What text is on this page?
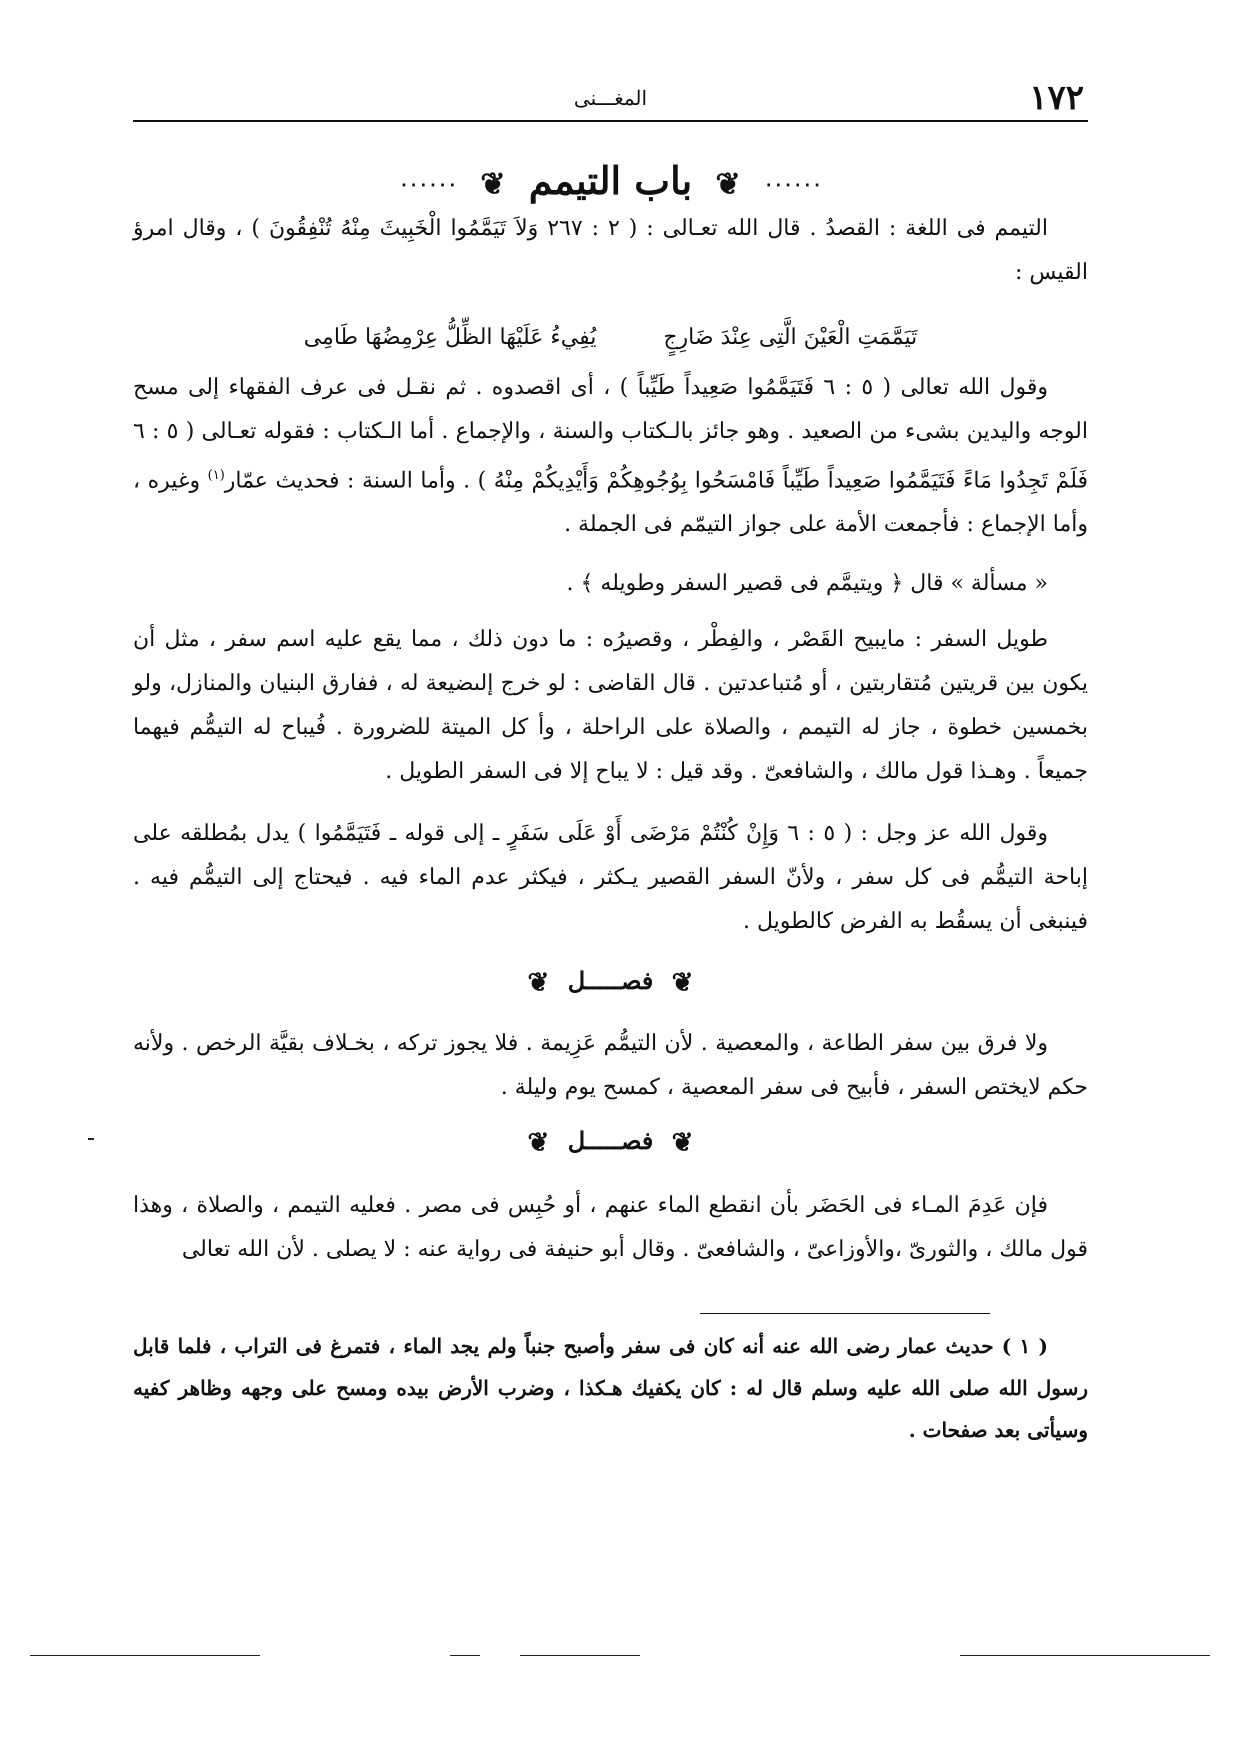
١٧٢
المغـــنى
٠٠٠٠٠٠ ❦ باب التيمم ❦ ٠٠٠٠٠٠

التيمم فى اللغة : القصدُ . قال الله تعـالى : ( ٢ : ٢٦٧ وَلاَ تَيَمَّمُوا الْخَبِيثَ مِنْهُ تُنْفِقُونَ ) ، وقال امرؤ القيس :

تَيَمَّمَتِ الْعَيْنَ الَّتِى عِنْدَ ضَارِجٍ يُفِيءُ عَلَيْهَا الظِّلُّ عِرْمِضُهَا طَامِى

وقول الله تعالى ( ٥ : ٦ فَتَيَمَّمُوا صَعِيداً طَيِّباً ) ، أى اقصدوه . ثم نقـل فى عرف الفقهاء إلى مسح الوجه واليدين بشىء من الصعيد . وهو جائز بالـكتاب والسنة ، والإجماع . أما الـكتاب : فقوله تعـالى ( ٥ : ٦ فَلَمْ تَجِدُوا مَاءً فَتَيَمَّمُوا صَعِيداً طَيِّباً فَامْسَحُوا بِوُجُوهِكُمْ وَأَيْدِيكُمْ مِنْهُ ) . وأما السنة : فحديث عمّار$^{(١)}$ وغيره ، وأما الإجماع : فأجمعت الأمة على جواز التيمّم فى الجملة .

« مسألة » قال ﴿ ويتيمَّم فى قصير السفر وطويله ﴾ .

طويل السفر : مايبيح القَصْر ، والفِطْر ، وقصيرُه : ما دون ذلك ، مما يقع عليه اسم سفر ، مثل أن يكون بين قريتين مُتقاربتين ، أو مُتباعدتين . قال القاضى : لو خرج إلىضيعة له ، ففارق البنيان والمنازل، ولو بخمسين خطوة ، جاز له التيمم ، والصلاة على الراحلة ، وأ كل الميتة للضرورة . فُيباح له التيمُّم فيهما جميعاً . وهـذا قول مالك ، والشافعىّ . وقد قيل : لا يباح إلا فى السفر الطويل .

وقول الله عز وجل : ( ٥ : ٦ وَإِنْ كُنْتُمْ مَرْضَى أَوْ عَلَى سَفَرٍ ـ إلى قوله ـ فَتَيَمَّمُوا ) يدل بمُطلقه على إباحة التيمُّم فى كل سفر ، ولأنّ السفر القصير يـكثر ، فيكثر عدم الماء فيه . فيحتاج إلى التيمُّم فيه . فينبغى أن يسقُط به الفرض كالطويل .

❦ فصـــــل ❦

ولا فرق بين سفر الطاعة ، والمعصية . لأن التيمُّم عَزِيمة . فلا يجوز تركه ، بخـلاف بقيَّة الرخص . ولأنه حكم لايختص السفر ، فأبيح فى سفر المعصية ، كمسح يوم وليلة .

❦ فصـــــل ❦

فإن عَدِمَ المـاء فى الحَضَر بأن انقطع الماء عنهم ، أو حُبِس فى مصر . فعليه التيمم ، والصلاة ، وهذا قول مالك ، والثورىّ ،والأوزاعىّ ، والشافعىّ . وقال أبو حنيفة فى رواية عنه : لا يصلى . لأن الله تعالى

( ١ ) حديث عمار رضى الله عنه أنه كان فى سفر وأصبح جنباً ولم يجد الماء ، فتمرغ فى التراب ، فلما قابل رسول الله صلى الله عليه وسلم قال له : كان يكفيك هـكذا ، وضرب الأرض بيده ومسح على وجهه وظاهر كفيه وسيأتى بعد صفحات .
